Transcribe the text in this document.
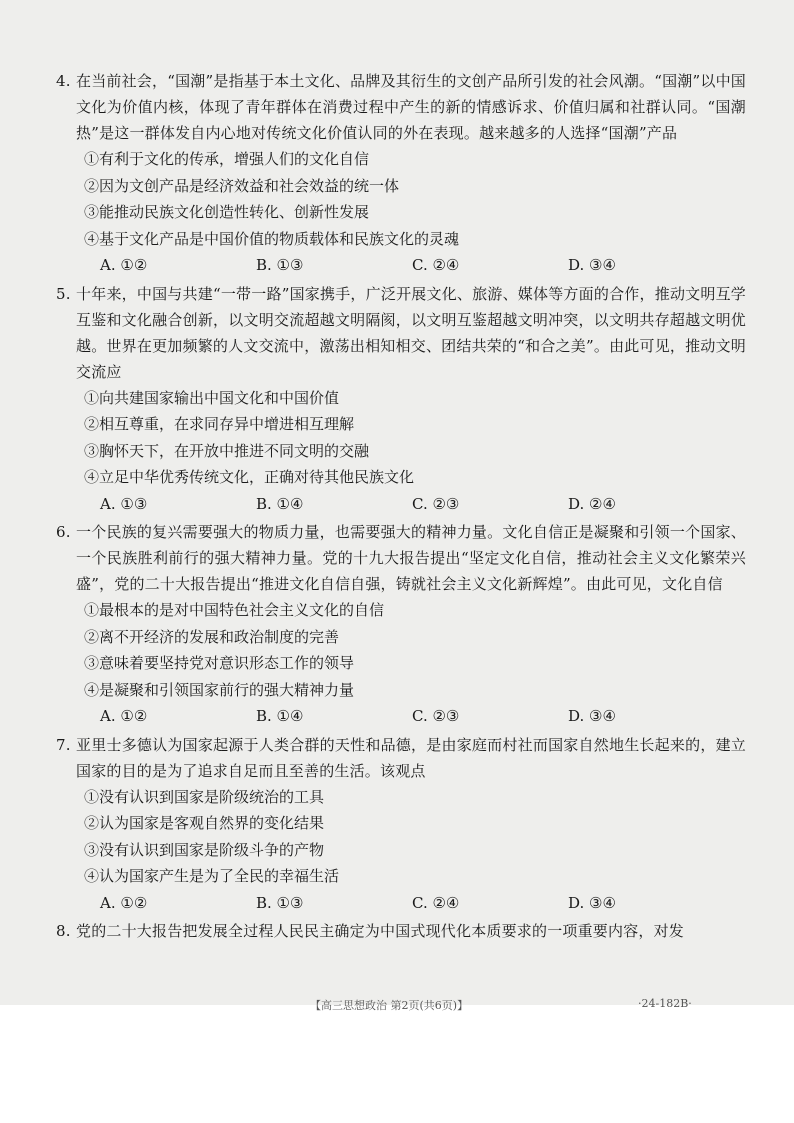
4. 在当前社会，“国潮”是指基于本土文化、品牌及其衍生的文创产品所引发的社会风潮。“国潮”以中国文化为价值内核，体现了青年群体在消费过程中产生的新的情感诉求、价值归属和社群认同。“国潮热”是这一群体发自内心地对传统文化价值认同的外在表现。越来越多的人选择“国潮”产品

①有利于文化的传承，增强人们的文化自信

②因为文创产品是经济效益和社会效益的统一体

③能推动民族文化创造性转化、创新性发展

④基于文化产品是中国价值的物质载体和民族文化的灵魂

A. ①②	B. ①③	C. ②④	D. ③④

5. 十年来，中国与共建“一带一路”国家携手，广泛开展文化、旅游、媒体等方面的合作，推动文明互学互鉴和文化融合创新，以文明交流超越文明隔阂，以文明互鉴超越文明冲突，以文明共存超越文明优越。世界在更加频繁的人文交流中，激荡出相知相交、团结共荣的“和合之美”。由此可见，推动文明交流应

①向共建国家输出中国文化和中国价值

②相互尊重，在求同存异中增进相互理解

③胸怀天下，在开放中推进不同文明的交融

④立足中华优秀传统文化，正确对待其他民族文化

A. ①③	B. ①④	C. ②③	D. ②④

6. 一个民族的复兴需要强大的物质力量，也需要强大的精神力量。文化自信正是凝聚和引领一个国家、一个民族胜利前行的强大精神力量。党的十九大报告提出“坚定文化自信，推动社会主义文化繁荣兴盛”，党的二十大报告提出“推进文化自信自强，铸就社会主义文化新辉煌”。由此可见，文化自信

①最根本的是对中国特色社会主义文化的自信

②离不开经济的发展和政治制度的完善

③意味着要坚持党对意识形态工作的领导

④是凝聚和引领国家前行的强大精神力量

A. ①②	B. ①④	C. ②③	D. ③④

7. 亚里士多德认为国家起源于人类合群的天性和品德，是由家庭而村社而国家自然地生长起来的，建立国家的目的是为了追求自足而且至善的生活。该观点

①没有认识到国家是阶级统治的工具

②认为国家是客观自然界的变化结果

③没有认识到国家是阶级斗争的产物

④认为国家产生是为了全民的幸福生活

A. ①②	B. ①③	C. ②④	D. ③④

8. 党的二十大报告把发展全过程人民民主确定为中国式现代化本质要求的一项重要内容，对发

【高三思想政治 第2页(共6页)】	·24-182B·
